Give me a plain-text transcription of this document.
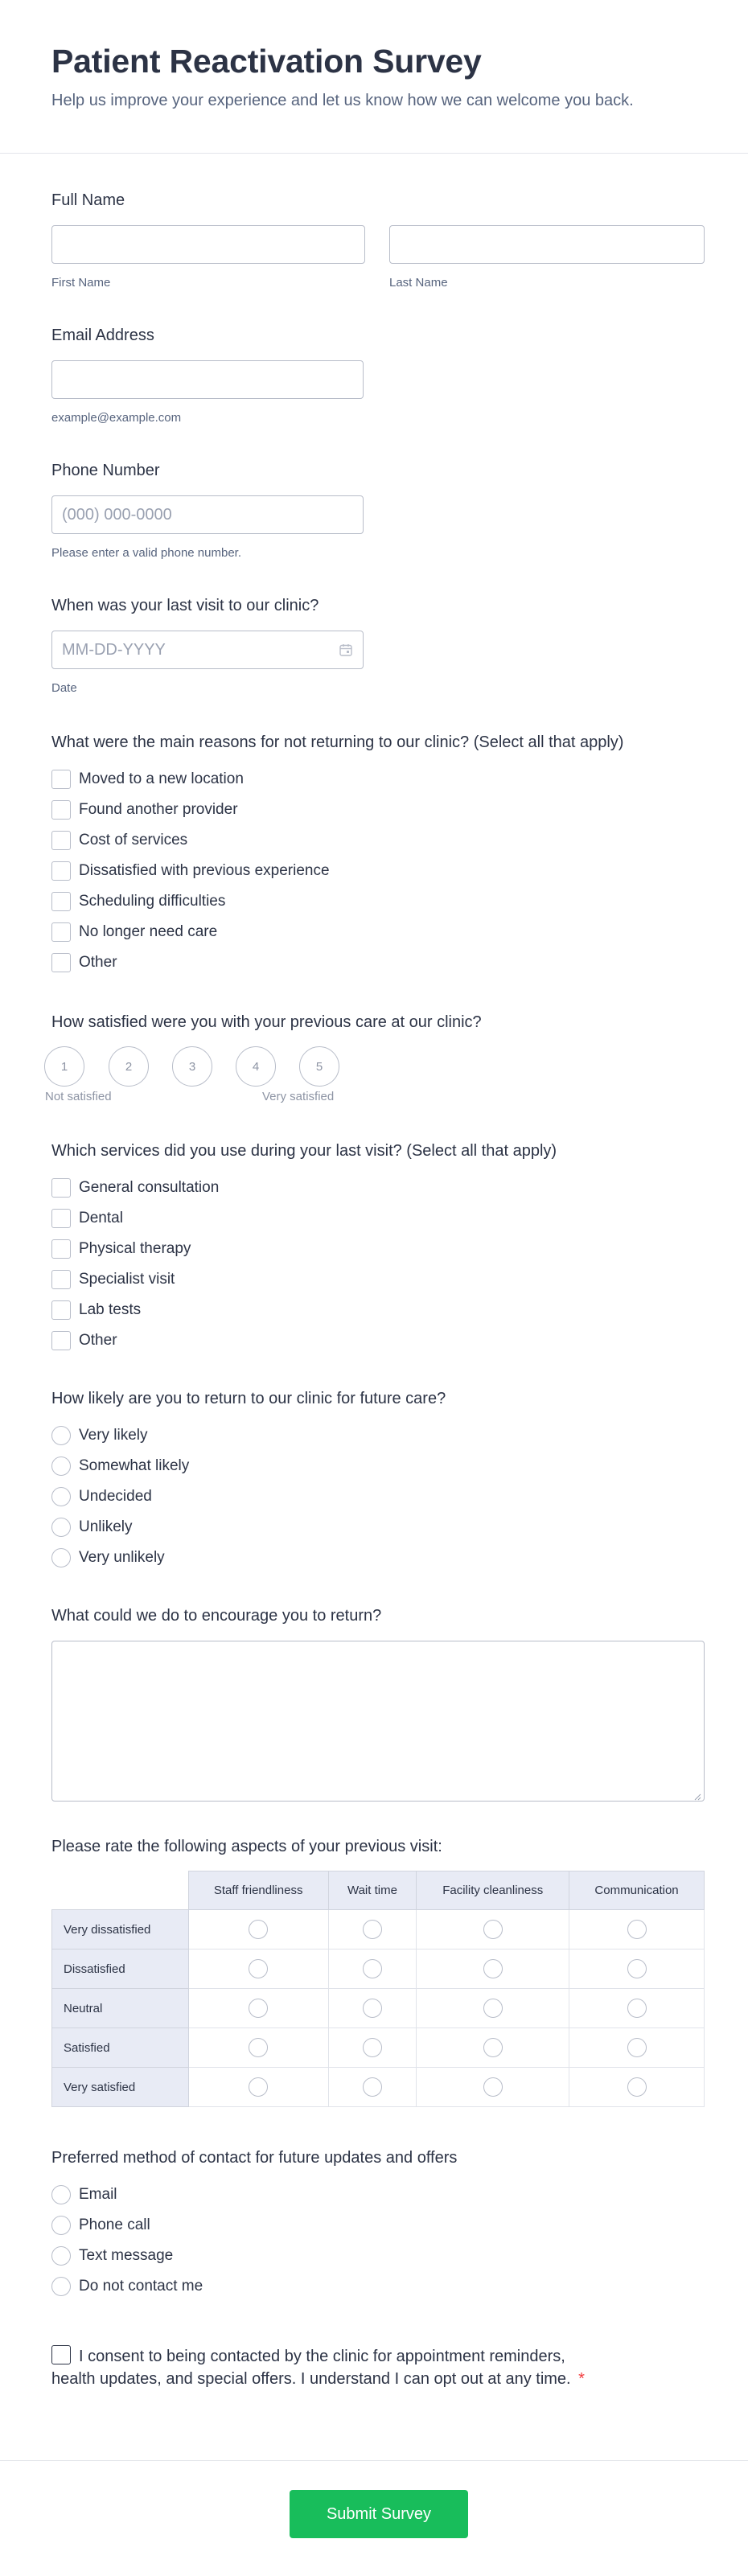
Patient Reactivation Survey

Help us improve your experience and let us know how we can welcome you back.

Full Name
First Name	Last Name
Email Address
example@example.com
Phone Number
(000) 000-0000
Please enter a valid phone number.
When was your last visit to our clinic?
MM-DD-YYYY
Date
What were the main reasons for not returning to our clinic? (Select all that apply)
Moved to a new location
Found another provider
Cost of services
Dissatisfied with previous experience
Scheduling difficulties
No longer need care
Other
How satisfied were you with your previous care at our clinic?
1	2	3	4	5
Not satisfied	Very satisfied
Which services did you use during your last visit? (Select all that apply)
General consultation
Dental
Physical therapy
Specialist visit
Lab tests
Other
How likely are you to return to our clinic for future care?
Very likely
Somewhat likely
Undecided
Unlikely
Very unlikely
What could we do to encourage you to return?
Please rate the following aspects of your previous visit:
	Staff friendliness	Wait time	Facility cleanliness	Communication
Very dissatisfied				
Dissatisfied				
Neutral				
Satisfied				
Very satisfied				
Preferred method of contact for future updates and offers
Email
Phone call
Text message
Do not contact me
I consent to being contacted by the clinic for appointment reminders,
health updates, and special offers. I understand I can opt out at any time. *
Submit Survey
